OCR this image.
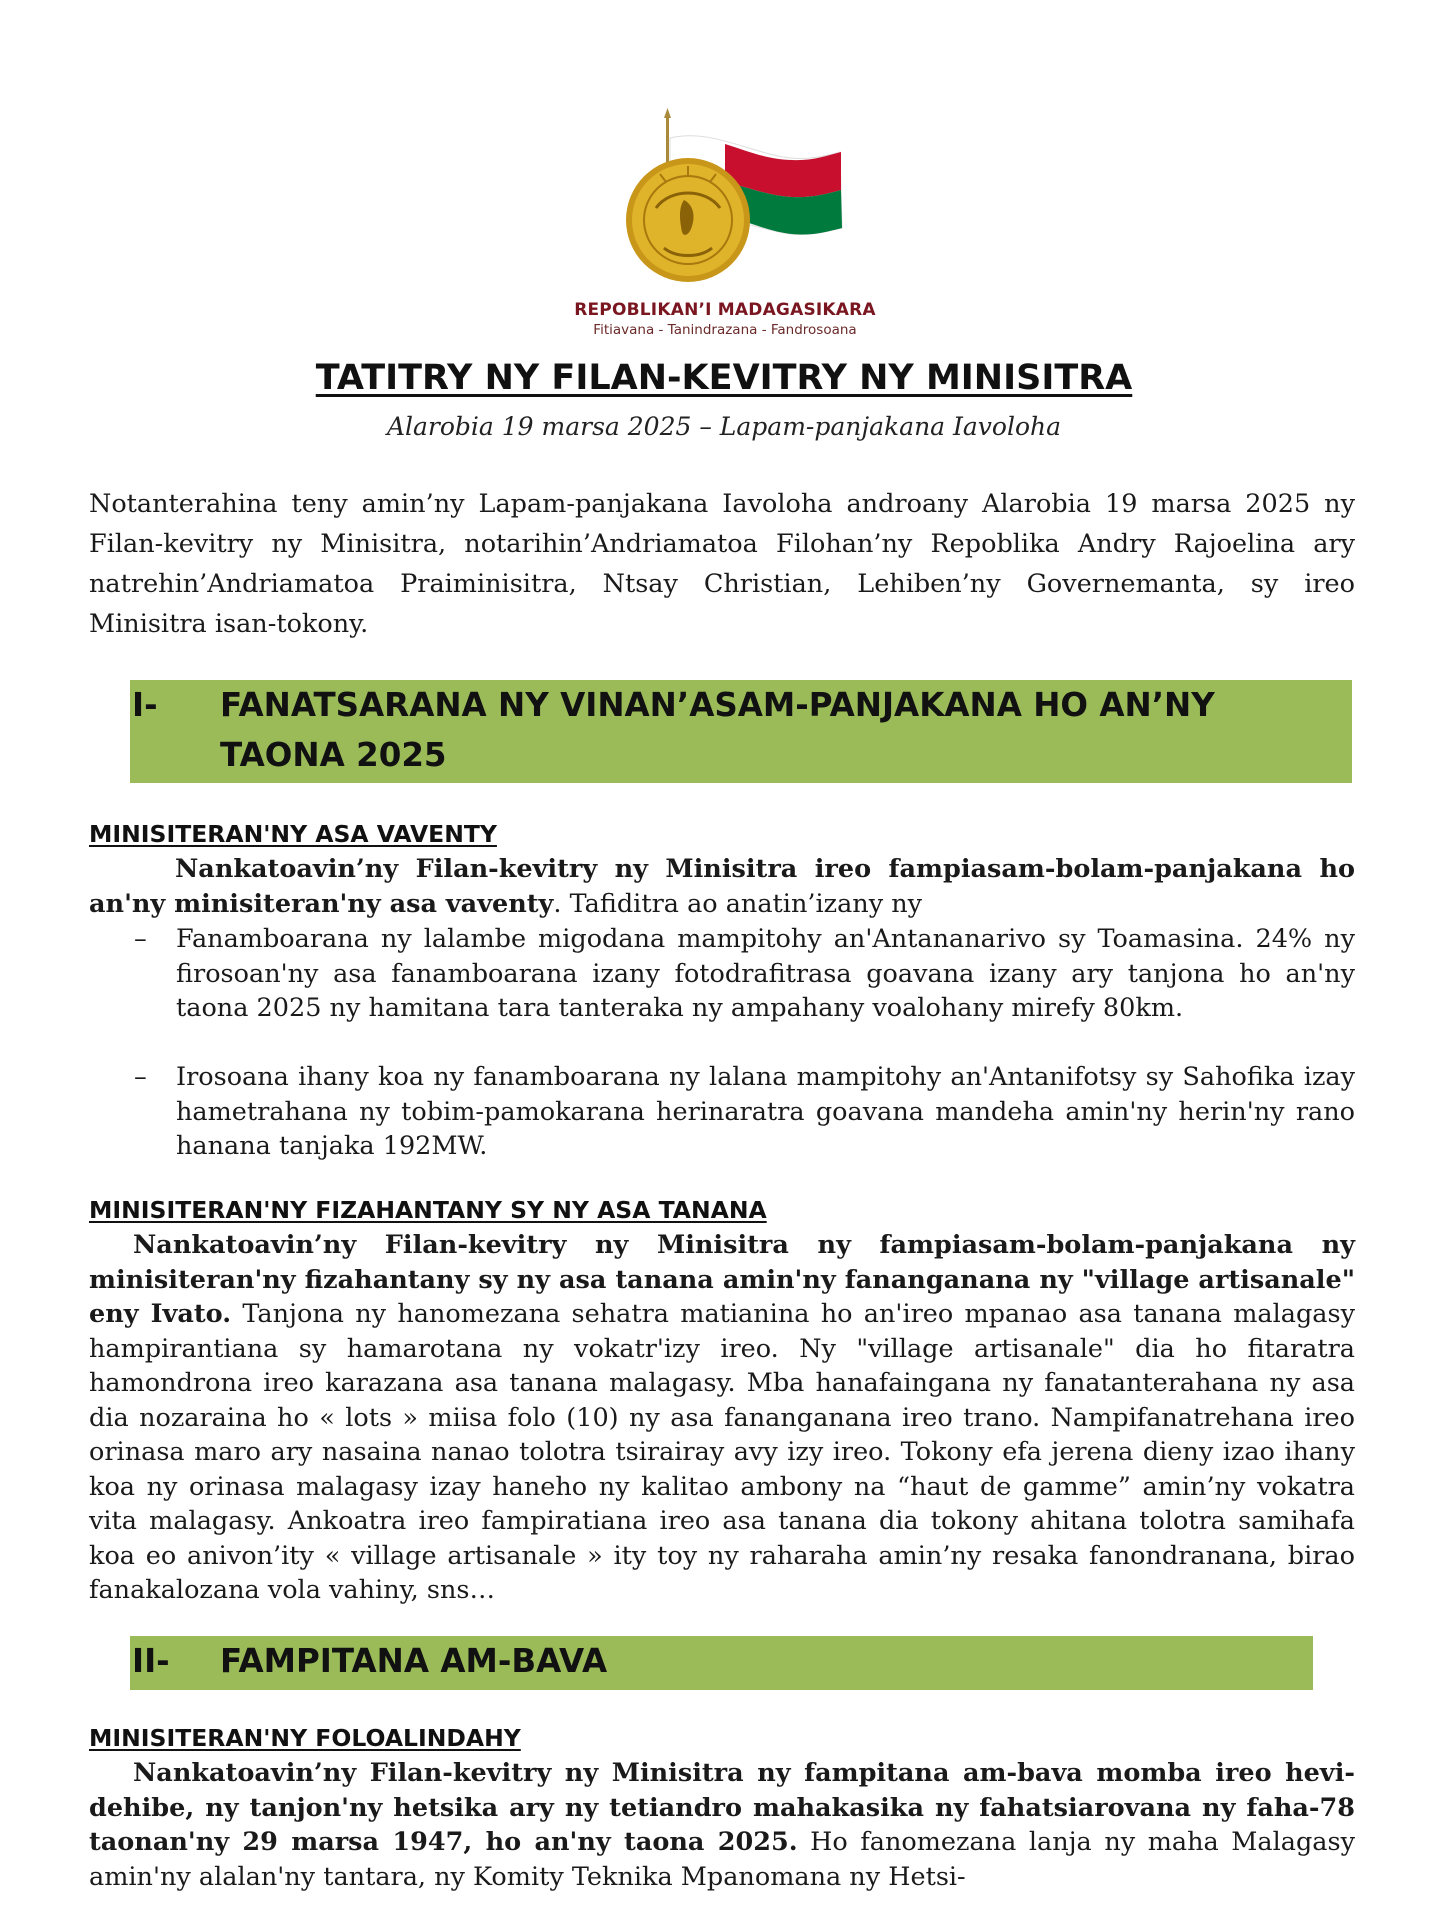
REPOBLIKAN’I MADAGASIKARA
Fitiavana - Tanindrazana - Fandrosoana
TATITRY NY FILAN-KEVITRY NY MINISITRA
Alarobia 19 marsa 2025 – Lapam-panjakana Iavoloha
Notanterahina teny amin’ny Lapam-panjakana Iavoloha androany Alarobia 19 marsa 2025 ny Filan-kevitry ny Minisitra, notarihin’Andriamatoa Filohan’ny Repoblika Andry Rajoelina ary natrehin’Andriamatoa Praiminisitra, Ntsay Christian, Lehiben’ny Governemanta, sy ireo Minisitra isan-tokony.
I- FANATSARANA NY VINAN’ASAM-PANJAKANA HO AN’NY
TAONA 2025
MINISITERAN'NY ASA VAVENTY
Nankatoavin’ny Filan-kevitry ny Minisitra ireo fampiasam-bolam-panjakana ho an'ny minisiteran'ny asa vaventy. Tafiditra ao anatin’izany ny
– Fanamboarana ny lalambe migodana mampitohy an'Antananarivo sy Toamasina. 24% ny firosoan'ny asa fanamboarana izany fotodrafitrasa goavana izany ary tanjona ho an'ny taona 2025 ny hamitana tara tanteraka ny ampahany voalohany mirefy 80km.
– Irosoana ihany koa ny fanamboarana ny lalana mampitohy an'Antanifotsy sy Sahofika izay hametrahana ny tobim-pamokarana herinaratra goavana mandeha amin'ny herin'ny rano hanana tanjaka 192MW.
MINISITERAN'NY FIZAHANTANY SY NY ASA TANANA
Nankatoavin’ny Filan-kevitry ny Minisitra ny fampiasam-bolam-panjakana ny minisiteran'ny fizahantany sy ny asa tanana amin'ny fananganana ny "village artisanale" eny Ivato. Tanjona ny hanomezana sehatra matianina ho an'ireo mpanao asa tanana malagasy hampirantiana sy hamarotana ny vokatr'izy ireo. Ny "village artisanale" dia ho fitaratra hamondrona ireo karazana asa tanana malagasy. Mba hanafaingana ny fanatanterahana ny asa dia nozaraina ho « lots » miisa folo (10) ny asa fananganana ireo trano. Nampifanatrehana ireo orinasa maro ary nasaina nanao tolotra tsirairay avy izy ireo. Tokony efa jerena dieny izao ihany koa ny orinasa malagasy izay haneho ny kalitao ambony na “haut de gamme” amin’ny vokatra vita malagasy. Ankoatra ireo fampiratiana ireo asa tanana dia tokony ahitana tolotra samihafa koa eo anivon’ity « village artisanale » ity toy ny raharaha amin’ny resaka fanondranana, birao fanakalozana vola vahiny, sns…
II- FAMPITANA AM-BAVA
MINISITERAN'NY FOLOALINDAHY
Nankatoavin’ny Filan-kevitry ny Minisitra ny fampitana am-bava momba ireo hevi-dehibe, ny tanjon'ny hetsika ary ny tetiandro mahakasika ny fahatsiarovana ny faha-78 taonan'ny 29 marsa 1947, ho an'ny taona 2025. Ho fanomezana lanja ny maha Malagasy amin'ny alalan'ny tantara, ny Komity Teknika Mpanomana ny Hetsi-
